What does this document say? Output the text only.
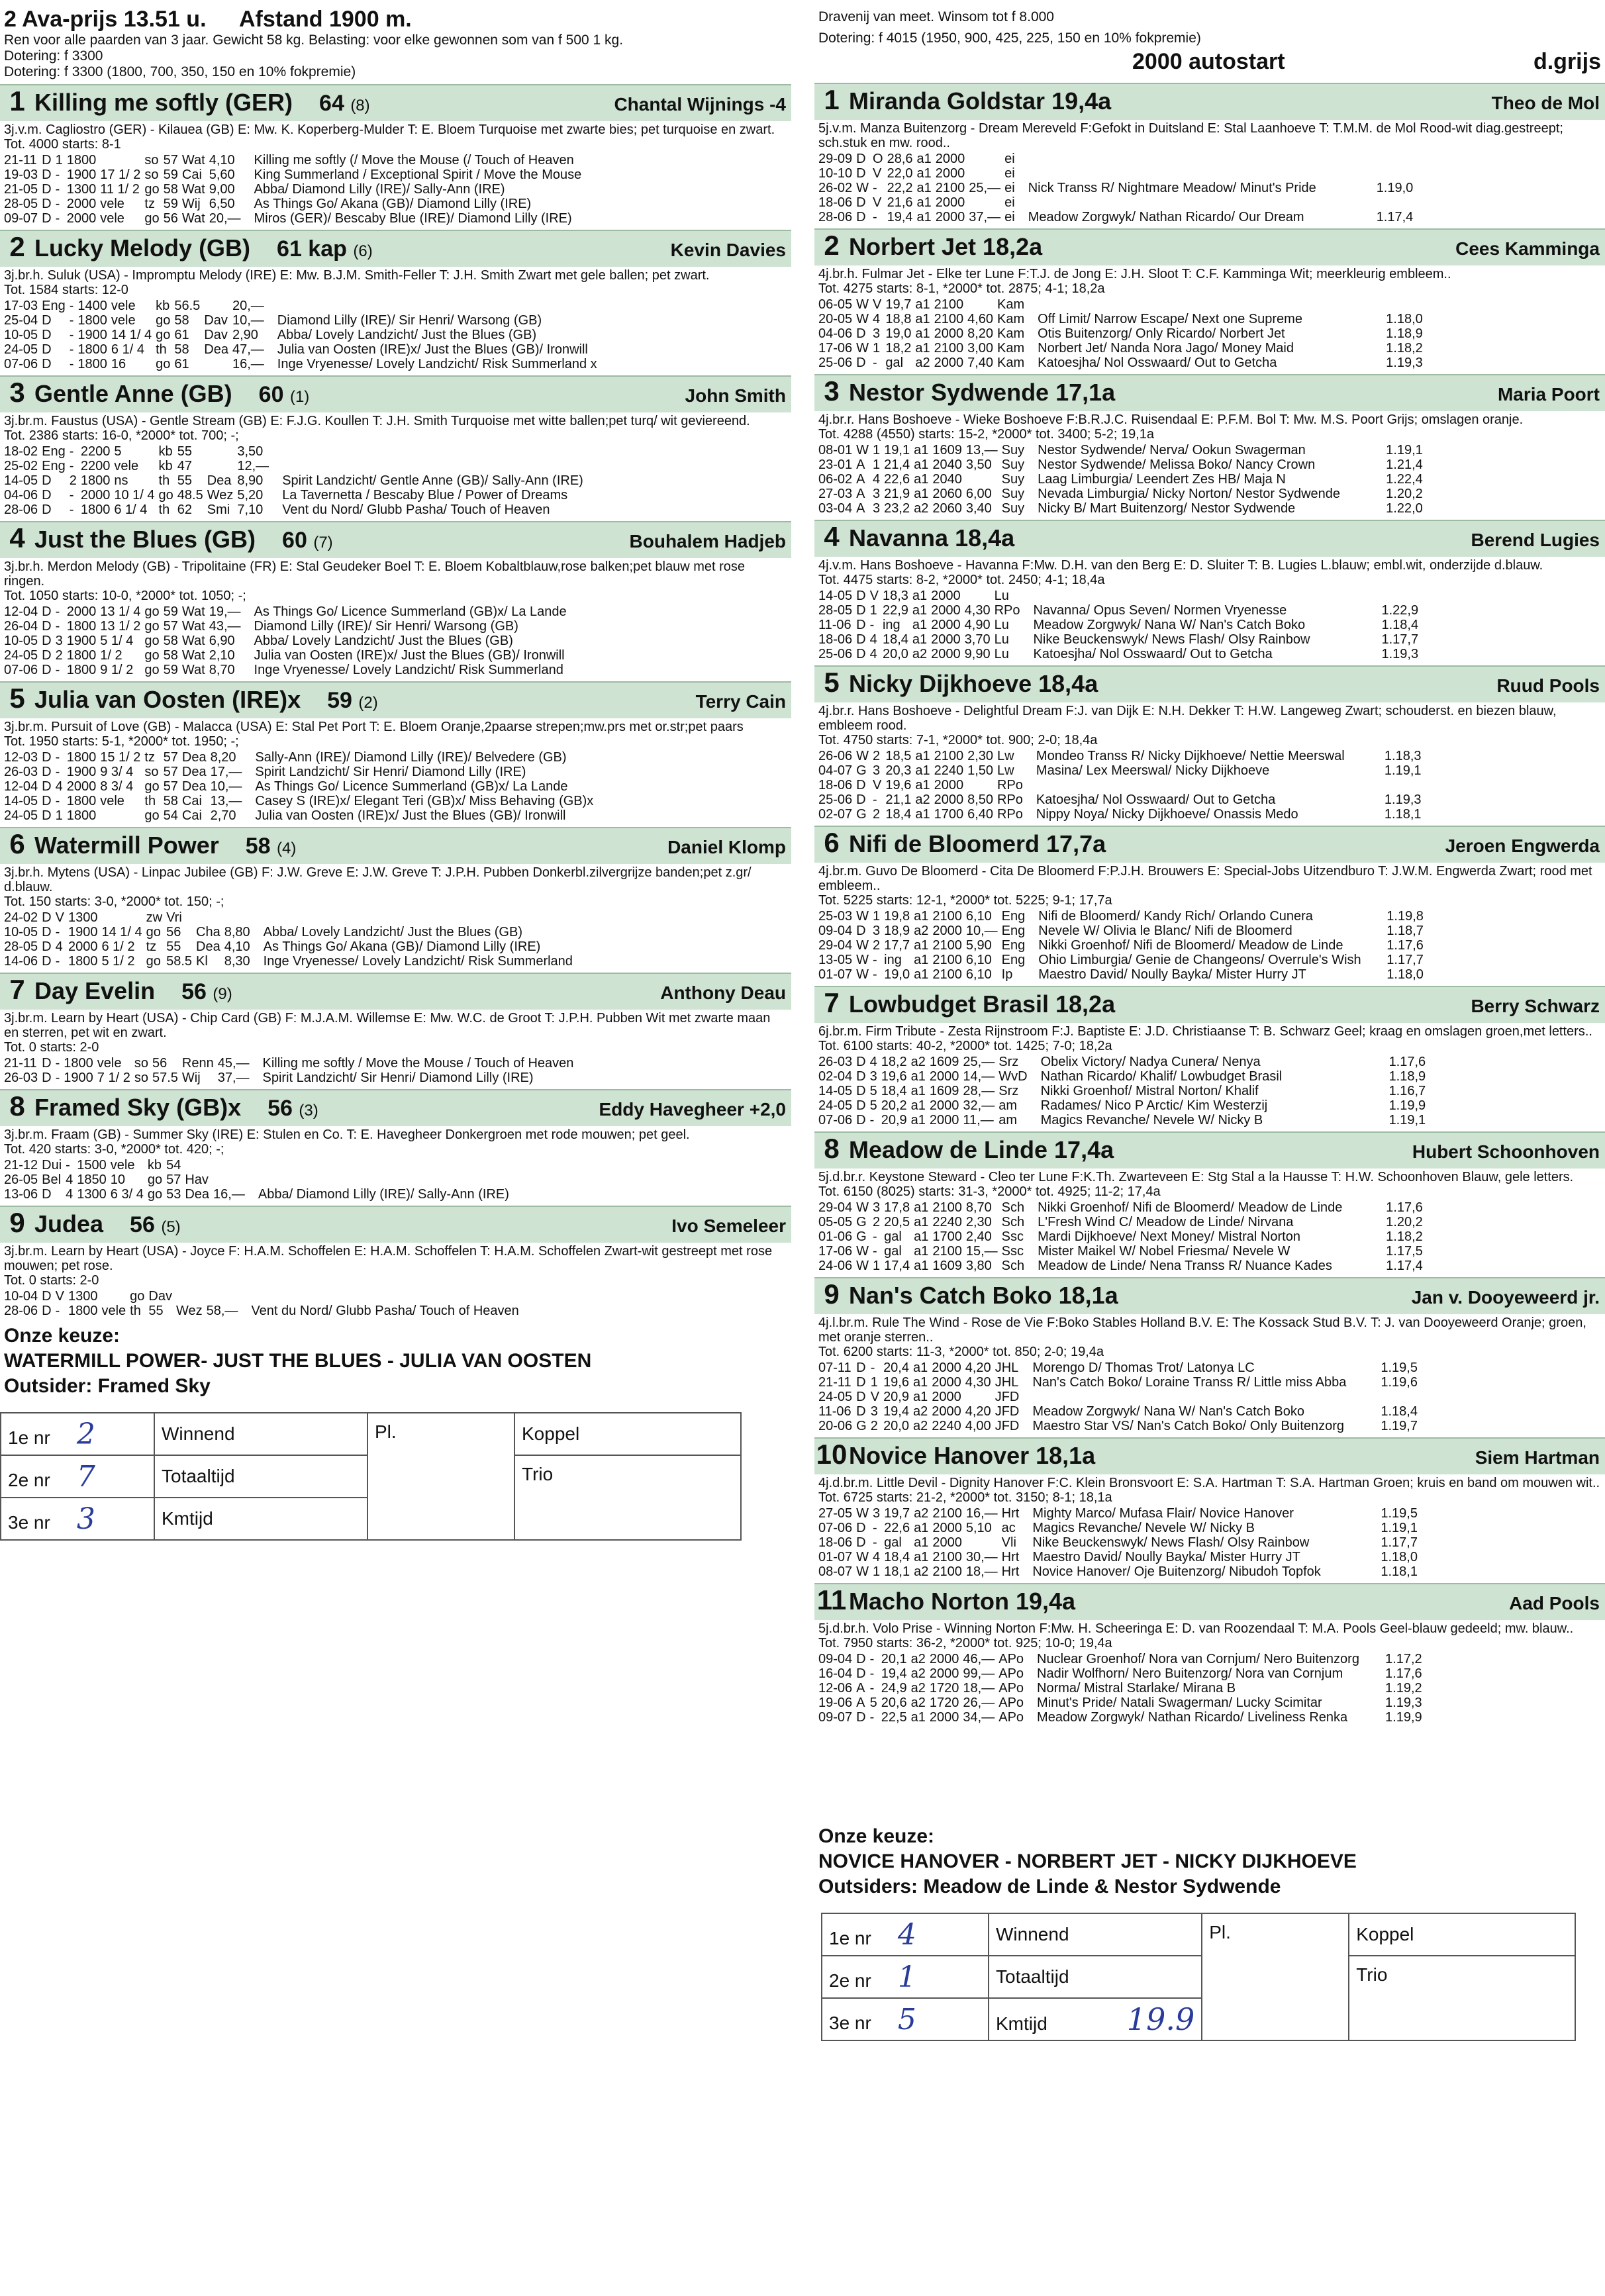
2 Ava-prijs 13.51 u. Afstand 1900 m.
Ren voor alle paarden van 3 jaar. Gewicht 58 kg. Belasting: voor elke gewonnen som van f 500 1 kg.
Dotering: f 3300
Dotering: f 3300 (1800, 700, 350, 150 en 10% fokpremie)
1 Killing me softly (GER) 64 (8)	Chantal Wijnings -4
3j.v.m. Cagliostro (GER) - Kilauea (GB) E: Mw. K. Koperberg-Mulder T: E. Bloem Turquoise met zwarte bies; pet turquoise en zwart.
Tot. 4000 starts: 8-1
21-11	D	1	1800		so	57	Wat	4,10	Killing me softly (/ Move the Mouse (/ Touch of Heaven
19-03	D	-	1900	17 1/ 2	so	59	Cai	5,60	King Summerland / Exceptional Spirit / Move the Mouse
21-05	D	-	1300	11 1/ 2	go	58	Wat	9,00	Abba/ Diamond Lilly (IRE)/ Sally-Ann (IRE)
28-05	D	-	2000	vele	tz	59	Wij	6,50	As Things Go/ Akana (GB)/ Diamond Lilly (IRE)
09-07	D	-	2000	vele	go	56	Wat	20,—	Miros (GER)/ Bescaby Blue (IRE)/ Diamond Lilly (IRE)
2 Lucky Melody (GB) 61 kap (6)	Kevin Davies
3j.br.h. Suluk (USA) - Impromptu Melody (IRE) E: Mw. B.J.M. Smith-Feller T: J.H. Smith Zwart met gele ballen; pet zwart.
Tot. 1584 starts: 12-0
17-03	Eng	-	1400	vele	kb	56.5		20,—	
25-04	D	-	1800	vele	go	58	Dav	10,—	Diamond Lilly (IRE)/ Sir Henri/ Warsong (GB)
10-05	D	-	1900	14 1/ 4	go	61	Dav	2,90	Abba/ Lovely Landzicht/ Just the Blues (GB)
24-05	D	-	1800	6 1/ 4	th	58	Dea	47,—	Julia van Oosten (IRE)x/ Just the Blues (GB)/ Ironwill
07-06	D	-	1800	16	go	61		16,—	Inge Vryenesse/ Lovely Landzicht/ Risk Summerland x
3 Gentle Anne (GB) 60 (1)	John Smith
3j.br.m. Faustus (USA) - Gentle Stream (GB) E: F.J.G. Koullen T: J.H. Smith Turquoise met witte ballen;pet turq/ wit geviereend.
Tot. 2386 starts: 16-0, *2000* tot. 700; -;
18-02	Eng	-	2200	5	kb	55		3,50	
25-02	Eng	-	2200	vele	kb	47		12,—	
14-05	D	2	1800	ns	th	55	Dea	8,90	Spirit Landzicht/ Gentle Anne (GB)/ Sally-Ann (IRE)
04-06	D	-	2000	10 1/ 4	go	48.5	Wez	5,20	La Tavernetta / Bescaby Blue / Power of Dreams
28-06	D	-	1800	6 1/ 4	th	62	Smi	7,10	Vent du Nord/ Glubb Pasha/ Touch of Heaven
4 Just the Blues (GB) 60 (7)	Bouhalem Hadjeb
3j.br.h. Merdon Melody (GB) - Tripolitaine (FR) E: Stal Geudeker Boel T: E. Bloem Kobaltblauw,rose balken;pet blauw met rose ringen.
Tot. 1050 starts: 10-0, *2000* tot. 1050; -;
12-04	D	-	2000	13 1/ 4	go	59	Wat	19,—	As Things Go/ Licence Summerland (GB)x/ La Lande
26-04	D	-	1800	13 1/ 2	go	57	Wat	43,—	Diamond Lilly (IRE)/ Sir Henri/ Warsong (GB)
10-05	D	3	1900	5 1/ 4	go	58	Wat	6,90	Abba/ Lovely Landzicht/ Just the Blues (GB)
24-05	D	2	1800	1/ 2	go	58	Wat	2,10	Julia van Oosten (IRE)x/ Just the Blues (GB)/ Ironwill
07-06	D	-	1800	9 1/ 2	go	59	Wat	8,70	Inge Vryenesse/ Lovely Landzicht/ Risk Summerland
5 Julia van Oosten (IRE)x 59 (2)	Terry Cain
3j.br.m. Pursuit of Love (GB) - Malacca (USA) E: Stal Pet Port T: E. Bloem Oranje,2paarse strepen;mw.prs met or.str;pet paars
Tot. 1950 starts: 5-1, *2000* tot. 1950; -;
12-03	D	-	1800	15 1/ 2	tz	57	Dea	8,20	Sally-Ann (IRE)/ Diamond Lilly (IRE)/ Belvedere (GB)
26-03	D	-	1900	9 3/ 4	so	57	Dea	17,—	Spirit Landzicht/ Sir Henri/ Diamond Lilly (IRE)
12-04	D	4	2000	8 3/ 4	go	57	Dea	10,—	As Things Go/ Licence Summerland (GB)x/ La Lande
14-05	D	-	1800	vele	th	58	Cai	13,—	Casey S (IRE)x/ Elegant Teri (GB)x/ Miss Behaving (GB)x
24-05	D	1	1800		go	54	Cai	2,70	Julia van Oosten (IRE)x/ Just the Blues (GB)/ Ironwill
6 Watermill Power 58 (4)	Daniel Klomp
3j.br.h. Mytens (USA) - Linpac Jubilee (GB) F: J.W. Greve E: J.W. Greve T: J.P.H. Pubben Donkerbl.zilvergrijze banden;pet z.gr/ d.blauw.
Tot. 150 starts: 3-0, *2000* tot. 150; -;
24-02	D	V	1300		zw	Vri				
10-05	D	-	1900	14 1/ 4	go	56	Cha	8,80	Abba/ Lovely Landzicht/ Just the Blues (GB)	
28-05	D	4	2000	6 1/ 2	tz	55	Dea	4,10	As Things Go/ Akana (GB)/ Diamond Lilly (IRE)	
14-06	D	-	1800	5 1/ 2	go	58.5	Kl	8,30	Inge Vryenesse/ Lovely Landzicht/ Risk Summerland	
7 Day Evelin 56 (9)	Anthony Deau
3j.br.m. Learn by Heart (USA) - Chip Card (GB) F: M.J.A.M. Willemse E: Mw. W.C. de Groot T: J.P.H. Pubben Wit met zwarte maan en sterren, pet wit en zwart.
Tot. 0 starts: 2-0
21-11	D	-	1800	vele	so	56	Renn	45,—	Killing me softly / Move the Mouse / Touch of Heaven
26-03	D	-	1900	7 1/ 2	so	57.5	Wij	37,—	Spirit Landzicht/ Sir Henri/ Diamond Lilly (IRE)
8 Framed Sky (GB)x 56 (3)	Eddy Havegheer +2,0
3j.br.m. Fraam (GB) - Summer Sky (IRE) E: Stulen en Co. T: E. Havegheer Donkergroen met rode mouwen; pet geel.
Tot. 420 starts: 3-0, *2000* tot. 420; -;
21-12	Dui	-	1500	vele	kb	54				
26-05	Bel	4	1850	10	go	57	Hav			
13-06	D	4	1300	6 3/ 4	go	53	Dea	16,—	Abba/ Diamond Lilly (IRE)/ Sally-Ann (IRE)	
9 Judea 56 (5)	Ivo Semeleer
3j.br.m. Learn by Heart (USA) - Joyce F: H.A.M. Schoffelen E: H.A.M. Schoffelen T: H.A.M. Schoffelen Zwart-wit gestreept met rose mouwen; pet rose.
Tot. 0 starts: 2-0
10-04	D	V	1300		go	Dav				
28-06	D	-	1800	vele	th	55	Wez	58,—	Vent du Nord/ Glubb Pasha/ Touch of Heaven	
Onze keuze:
WATERMILL POWER- JUST THE BLUES - JULIA VAN OOSTEN
Outsider: Framed Sky
1e nr 2	Winnend	Pl.	Koppel
2e nr 7	Totaaltijd		Trio
3e nr 3	Kmtijd		
Dravenij van meet. Winsom tot f 8.000
Dotering: f 4015 (1950, 900, 425, 225, 150 en 10% fokpremie)
2000 autostart	d.grijs
1 Miranda Goldstar 19,4a	Theo de Mol
5j.v.m. Manza Buitenzorg - Dream Mereveld F:Gefokt in Duitsland E: Stal Laanhoeve T: T.M.M. de Mol Rood-wit diag.gestreept; sch.stuk en mw. rood..
29-09	D	O	28,6	a1	2000		ei		
10-10	D	V	22,0	a1	2000		ei		
26-02	W	-	22,2	a1	2100	25,—	ei	Nick Transs R/ Nightmare Meadow/ Minut's Pride	1.19,0
18-06	D	V	21,6	a1	2000		ei		
28-06	D	-	19,4	a1	2000	37,—	ei	Meadow Zorgwyk/ Nathan Ricardo/ Our Dream	1.17,4
2 Norbert Jet 18,2a	Cees Kamminga
4j.br.h. Fulmar Jet - Elke ter Lune F:T.J. de Jong E: J.H. Sloot T: C.F. Kamminga Wit; meerkleurig embleem..
Tot. 4275 starts: 8-1, *2000* tot. 2875; 4-1; 18,2a
06-05	W	V	19,7	a1	2100		Kam		
20-05	W	4	18,8	a1	2100	4,60	Kam	Off Limit/ Narrow Escape/ Next one Supreme	1.18,0
04-06	D	3	19,0	a1	2000	8,20	Kam	Otis Buitenzorg/ Only Ricardo/ Norbert Jet	1.18,9
17-06	W	1	18,2	a1	2100	3,00	Kam	Norbert Jet/ Nanda Nora Jago/ Money Maid	1.18,2
25-06	D	-	gal	a2	2000	7,40	Kam	Katoesjha/ Nol Osswaard/ Out to Getcha	1.19,3
3 Nestor Sydwende 17,1a	Maria Poort
4j.br.r. Hans Boshoeve - Wieke Boshoeve F:B.R.J.C. Ruisendaal E: P.F.M. Bol T: Mw. M.S. Poort Grijs; omslagen oranje.
Tot. 4288 (4550) starts: 15-2, *2000* tot. 3400; 5-2; 19,1a
08-01	W	1	19,1	a1	1609	13,—	Suy	Nestor Sydwende/ Nerva/ Ookun Swagerman	1.19,1
23-01	A	1	21,4	a1	2040	3,50	Suy	Nestor Sydwende/ Melissa Boko/ Nancy Crown	1.21,4
06-02	A	4	22,6	a1	2040		Suy	Laag Limburgia/ Leendert Zes HB/ Maja N	1.22,4
27-03	A	3	21,9	a1	2060	6,00	Suy	Nevada Limburgia/ Nicky Norton/ Nestor Sydwende	1.20,2
03-04	A	3	23,2	a2	2060	3,40	Suy	Nicky B/ Mart Buitenzorg/ Nestor Sydwende	1.22,0
4 Navanna 18,4a	Berend Lugies
4j.v.m. Hans Boshoeve - Havanna F:Mw. D.H. van den Berg E: D. Sluiter T: B. Lugies L.blauw; embl.wit, onderzijde d.blauw.
Tot. 4475 starts: 8-2, *2000* tot. 2450; 4-1; 18,4a
14-05	D	V	18,3	a1	2000		Lu		
28-05	D	1	22,9	a1	2000	4,30	RPo	Navanna/ Opus Seven/ Normen Vryenesse	1.22,9
11-06	D	-	ing	a1	2000	4,90	Lu	Meadow Zorgwyk/ Nana W/ Nan's Catch Boko	1.18,4
18-06	D	4	18,4	a1	2000	3,70	Lu	Nike Beuckenswyk/ News Flash/ Olsy Rainbow	1.17,7
25-06	D	4	20,0	a2	2000	9,90	Lu	Katoesjha/ Nol Osswaard/ Out to Getcha	1.19,3
5 Nicky Dijkhoeve 18,4a	Ruud Pools
4j.br.r. Hans Boshoeve - Delightful Dream F:J. van Dijk E: N.H. Dekker T: H.W. Langeweg Zwart; schouderst. en biezen blauw, embleem rood.
Tot. 4750 starts: 7-1, *2000* tot. 900; 2-0; 18,4a
26-06	W	2	18,5	a1	2100	2,30	Lw	Mondeo Transs R/ Nicky Dijkhoeve/ Nettie Meerswal	1.18,3
04-07	G	3	20,3	a1	2240	1,50	Lw	Masina/ Lex Meerswal/ Nicky Dijkhoeve	1.19,1
18-06	D	V	19,6	a1	2000		RPo		
25-06	D	-	21,1	a2	2000	8,50	RPo	Katoesjha/ Nol Osswaard/ Out to Getcha	1.19,3
02-07	G	2	18,4	a1	1700	6,40	RPo	Nippy Noya/ Nicky Dijkhoeve/ Onassis Medo	1.18,1
6 Nifi de Bloomerd 17,7a	Jeroen Engwerda
4j.br.m. Guvo De Bloomerd - Cita De Bloomerd F:P.J.H. Brouwers E: Special-Jobs Uitzendburo T: J.W.M. Engwerda Zwart; rood met embleem..
Tot. 5225 starts: 12-1, *2000* tot. 5225; 9-1; 17,7a
25-03	W	1	19,8	a1	2100	6,10	Eng	Nifi de Bloomerd/ Kandy Rich/ Orlando Cunera	1.19,8
09-04	D	3	18,9	a2	2000	10,—	Eng	Nevele W/ Olivia le Blanc/ Nifi de Bloomerd	1.18,7
29-04	W	2	17,7	a1	2100	5,90	Eng	Nikki Groenhof/ Nifi de Bloomerd/ Meadow de Linde	1.17,6
13-05	W	-	ing	a1	2100	6,10	Eng	Ohio Limburgia/ Genie de Changeons/ Overrule's Wish	1.17,7
01-07	W	-	19,0	a1	2100	6,10	Ip	Maestro David/ Noully Bayka/ Mister Hurry JT	1.18,0
7 Lowbudget Brasil 18,2a	Berry Schwarz
6j.br.m. Firm Tribute - Zesta Rijnstroom F:J. Baptiste E: J.D. Christiaanse T: B. Schwarz Geel; kraag en omslagen groen,met letters..
Tot. 6100 starts: 40-2, *2000* tot. 1425; 7-0; 18,2a
26-03	D	4	18,2	a2	1609	25,—	Srz	Obelix Victory/ Nadya Cunera/ Nenya	1.17,6
02-04	D	3	19,6	a1	2000	14,—	WvD	Nathan Ricardo/ Khalif/ Lowbudget Brasil	1.18,9
14-05	D	5	18,4	a1	1609	28,—	Srz	Nikki Groenhof/ Mistral Norton/ Khalif	1.16,7
24-05	D	5	20,2	a1	2000	32,—	am	Radames/ Nico P Arctic/ Kim Westerzij	1.19,9
07-06	D	-	20,9	a1	2000	11,—	am	Magics Revanche/ Nevele W/ Nicky B	1.19,1
8 Meadow de Linde 17,4a	Hubert Schoonhoven
5j.d.br.r. Keystone Steward - Cleo ter Lune F:K.Th. Zwarteveen E: Stg Stal a la Hausse T: H.W. Schoonhoven Blauw, gele letters.
Tot. 6150 (8025) starts: 31-3, *2000* tot. 4925; 11-2; 17,4a
29-04	W	3	17,8	a1	2100	8,70	Sch	Nikki Groenhof/ Nifi de Bloomerd/ Meadow de Linde	1.17,6
05-05	G	2	20,5	a1	2240	2,30	Sch	L'Fresh Wind C/ Meadow de Linde/ Nirvana	1.20,2
01-06	G	-	gal	a1	1700	2,40	Ssc	Mardi Dijkhoeve/ Next Money/ Mistral Norton	1.18,2
17-06	W	-	gal	a1	2100	15,—	Ssc	Mister Maikel W/ Nobel Friesma/ Nevele W	1.17,5
24-06	W	1	17,4	a1	1609	3,80	Sch	Meadow de Linde/ Nena Transs R/ Nuance Kades	1.17,4
9 Nan's Catch Boko 18,1a	Jan v. Dooyeweerd jr.
4j.l.br.m. Rule The Wind - Rose de Vie F:Boko Stables Holland B.V. E: The Kossack Stud B.V. T: J. van Dooyeweerd Oranje; groen, met oranje sterren..
Tot. 6200 starts: 11-3, *2000* tot. 850; 2-0; 19,4a
07-11	D	-	20,4	a1	2000	4,20	JHL	Morengo D/ Thomas Trot/ Latonya LC	1.19,5
21-11	D	1	19,6	a1	2000	4,30	JHL	Nan's Catch Boko/ Loraine Transs R/ Little miss Abba	1.19,6
24-05	D	V	20,9	a1	2000		JFD		
11-06	D	3	19,4	a2	2000	4,20	JFD	Meadow Zorgwyk/ Nana W/ Nan's Catch Boko	1.18,4
20-06	G	2	20,0	a2	2240	4,00	JFD	Maestro Star VS/ Nan's Catch Boko/ Only Buitenzorg	1.19,7
10 Novice Hanover 18,1a	Siem Hartman
4j.d.br.m. Little Devil - Dignity Hanover F:C. Klein Bronsvoort E: S.A. Hartman T: S.A. Hartman Groen; kruis en band om mouwen wit..
Tot. 6725 starts: 21-2, *2000* tot. 3150; 8-1; 18,1a
27-05	W	3	19,7	a2	2100	16,—	Hrt	Mighty Marco/ Mufasa Flair/ Novice Hanover	1.19,5
07-06	D	-	22,6	a1	2000	5,10	ac	Magics Revanche/ Nevele W/ Nicky B	1.19,1
18-06	D	-	gal	a1	2000		Vli	Nike Beuckenswyk/ News Flash/ Olsy Rainbow	1.17,7
01-07	W	4	18,4	a1	2100	30,—	Hrt	Maestro David/ Noully Bayka/ Mister Hurry JT	1.18,0
08-07	W	1	18,1	a2	2100	18,—	Hrt	Novice Hanover/ Oje Buitenzorg/ Nibudoh Topfok	1.18,1
11 Macho Norton 19,4a	Aad Pools
5j.d.br.h. Volo Prise - Winning Norton F:Mw. H. Scheeringa E: D. van Roozendaal T: M.A. Pools Geel-blauw gedeeld; mw. blauw..
Tot. 7950 starts: 36-2, *2000* tot. 925; 10-0; 19,4a
09-04	D	-	20,1	a2	2000	46,—	APo	Nuclear Groenhof/ Nora van Cornjum/ Nero Buitenzorg	1.17,2
16-04	D	-	19,4	a2	2000	99,—	APo	Nadir Wolfhorn/ Nero Buitenzorg/ Nora van Cornjum	1.17,6
12-06	A	-	24,9	a2	1720	18,—	APo	Norma/ Mistral Starlake/ Mirana B	1.19,2
19-06	A	5	20,6	a2	1720	26,—	APo	Minut's Pride/ Natali Swagerman/ Lucky Scimitar	1.19,3
09-07	D	-	22,5	a1	2000	34,—	APo	Meadow Zorgwyk/ Nathan Ricardo/ Liveliness Renka	1.19,9
Onze keuze:
NOVICE HANOVER - NORBERT JET - NICKY DIJKHOEVE
Outsiders: Meadow de Linde & Nestor Sydwende
1e nr 4	Winnend	Pl.	Koppel
2e nr 1	Totaaltijd		Trio
3e nr 5	Kmtijd 19.9		
